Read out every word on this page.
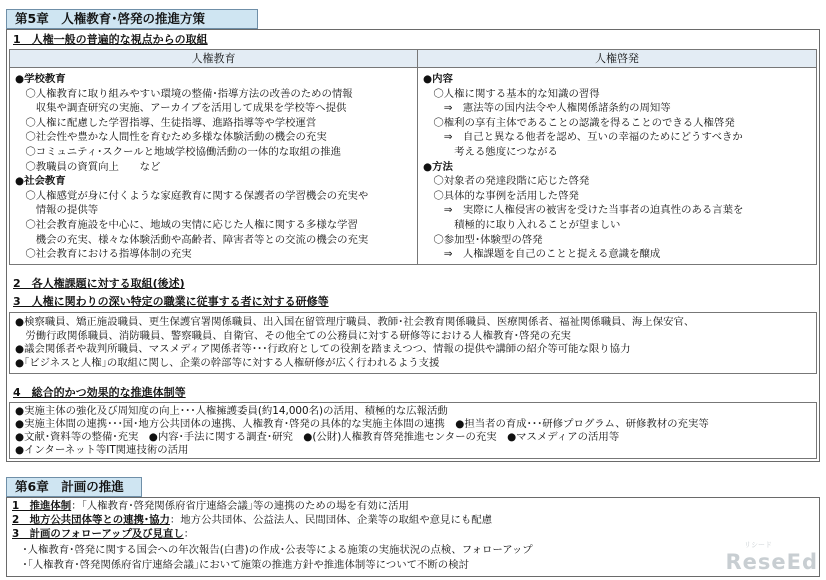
第5章　人権教育･啓発の推進方策
1　人権一般の普遍的な視点からの取組
人権教育	人権啓発
●学校教育
　〇人権教育に取り組みやすい環境の整備･指導方法の改善のための情報
　　収集や調査研究の実施、アーカイブを活用して成果を学校等へ提供
　〇人権に配慮した学習指導、生徒指導、進路指導等や学校運営
　〇社会性や豊かな人間性を育むため多様な体験活動の機会の充実
　〇コミュニティ･スクールと地域学校協働活動の一体的な取組の推進
　〇教職員の資質向上　　など
●社会教育
　〇人権感覚が身に付くような家庭教育に関する保護者の学習機会の充実や
　　情報の提供等
　〇社会教育施設を中心に、地域の実情に応じた人権に関する多様な学習
　　機会の充実、様々な体験活動や高齢者、障害者等との交流の機会の充実
　〇社会教育における指導体制の充実
●内容
　〇人権に関する基本的な知識の習得
　　⇒　憲法等の国内法令や人権関係諸条約の周知等
　〇権利の享有主体であることの認識を得ることのできる人権啓発
　　⇒　自己と異なる他者を認め、互いの幸福のためにどうすべきか
　　　考える態度につながる
●方法
　〇対象者の発達段階に応じた啓発
　〇具体的な事例を活用した啓発
　　⇒　実際に人権侵害の被害を受けた当事者の迫真性のある言葉を
　　　積極的に取り入れることが望ましい
　〇参加型･体験型の啓発
　　⇒　人権課題を自己のことと捉える意識を醸成
2　各人権課題に対する取組(後述)
3　人権に関わりの深い特定の職業に従事する者に対する研修等
●検察職員、矯正施設職員、更生保護官署関係職員、出入国在留管理庁職員、教師･社会教育関係職員、医療関係者、福祉関係職員、海上保安官、
　労働行政関係職員、消防職員、警察職員、自衛官、その他全ての公務員に対する研修等における人権教育･啓発の充実
●議会関係者や裁判所職員、マスメディア関係者等･･･行政府としての役割を踏まえつつ、情報の提供や講師の紹介等可能な限り協力
●｢ビジネスと人権｣の取組に関し、企業の幹部等に対する人権研修が広く行われるよう支援
4　総合的かつ効果的な推進体制等
●実施主体の強化及び周知度の向上･･･人権擁護委員(約14,000名)の活用、積極的な広報活動
●実施主体間の連携･･･国･地方公共団体の連携、人権教育･啓発の具体的な実施主体間の連携　●担当者の育成･･･研修プログラム、研修教材の充実等
●文献･資料等の整備･充実　●内容･手法に関する調査･研究　●(公財)人権教育啓発推進センターの充実　●マスメディアの活用等
●インターネット等IT関連技術の活用
第6章　計画の推進
1　推進体制：｢人権教育･啓発関係府省庁連絡会議｣等の連携のための場を有効に活用
2　地方公共団体等との連携･協力：地方公共団体、公益法人、民間団体、企業等の取組や意見にも配慮
3　計画のフォローアップ及び見直し：
　･人権教育･啓発に関する国会への年次報告(白書)の作成･公表等による施策の実施状況の点検、フォローアップ
　･｢人権教育･啓発関係府省庁連絡会議｣において施策の推進方針や推進体制等について不断の検討
リシード
ReseEd
